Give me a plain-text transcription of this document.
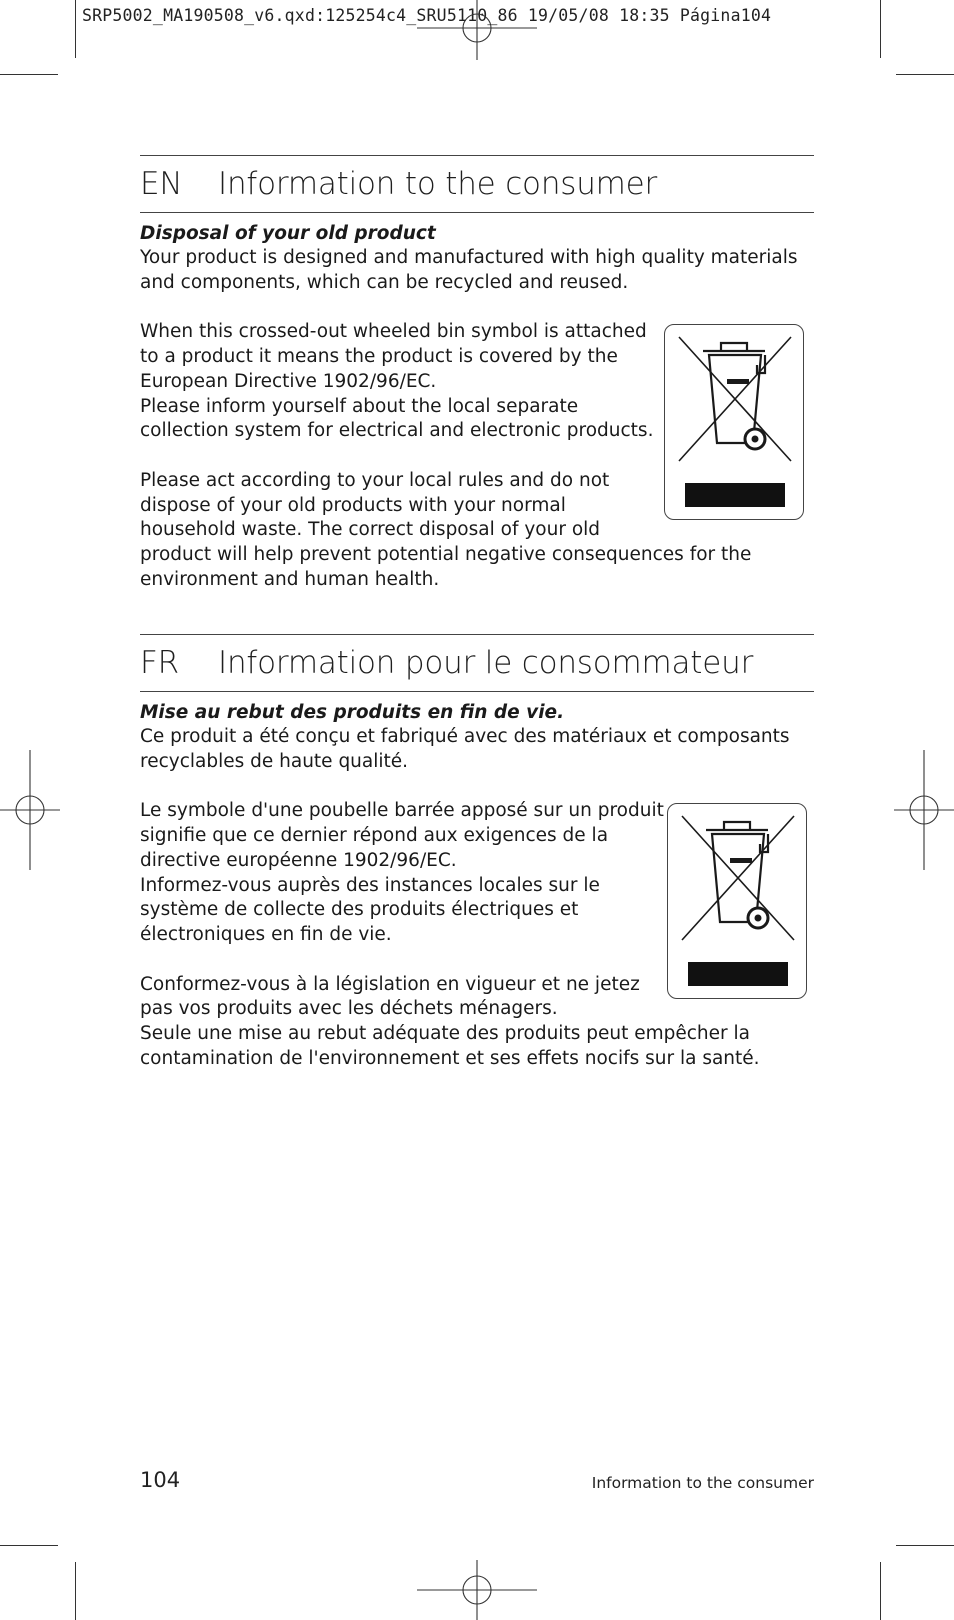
SRP5002_MA190508_v6.qxd:125254c4_SRU5110_86 19/05/08 18:35 Página104
EN	Information to the consumer
Disposal of your old product
Your product is designed and manufactured with high quality materials
and components, which can be recycled and reused.
When this crossed-out wheeled bin symbol is attached
to a product it means the product is covered by the
European Directive 1902/96/EC.
Please inform yourself about the local separate
collection system for electrical and electronic products.
Please act according to your local rules and do not
dispose of your old products with your normal
household waste. The correct disposal of your old
product will help prevent potential negative consequences for the
environment and human health.
FR	Information pour le consommateur
Mise au rebut des produits en fin de vie.
Ce produit a été conçu et fabriqué avec des matériaux et composants
recyclables de haute qualité.
Le symbole d'une poubelle barrée apposé sur un produit
signifie que ce dernier répond aux exigences de la
directive européenne 1902/96/EC.
Informez-vous auprès des instances locales sur le
système de collecte des produits électriques et
électroniques en fin de vie.
Conformez-vous à la législation en vigueur et ne jetez
pas vos produits avec les déchets ménagers.
Seule une mise au rebut adéquate des produits peut empêcher la
contamination de l'environnement et ses effets nocifs sur la santé.
104	Information to the consumer
